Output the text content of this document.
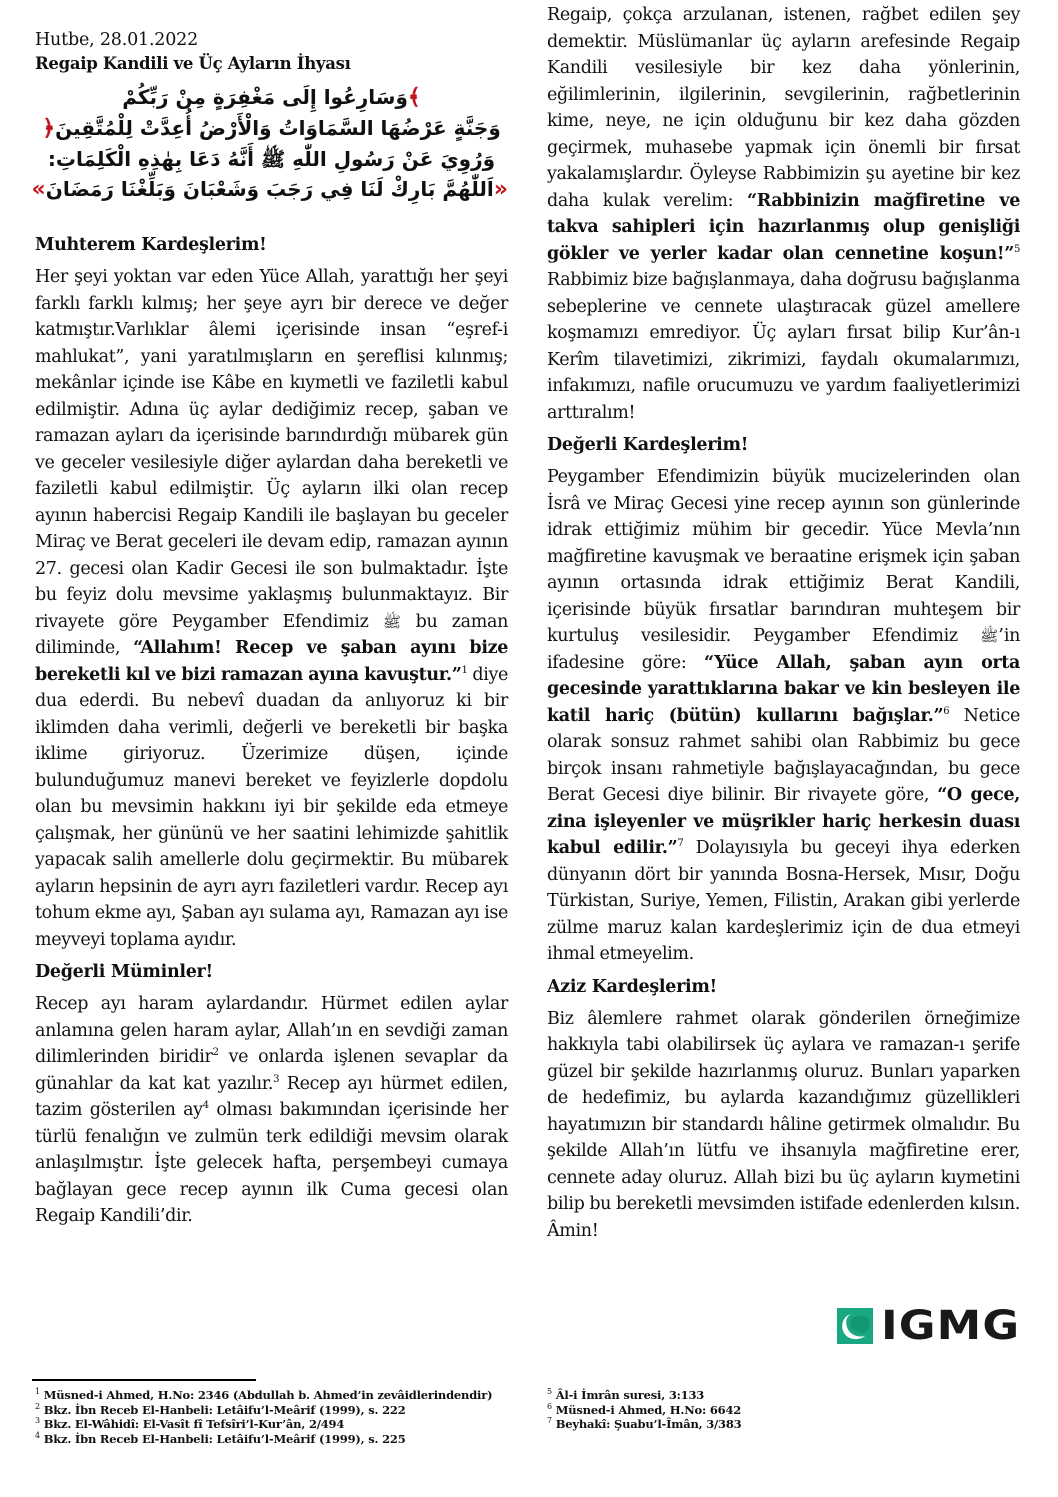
Hutbe, 28.01.2022
Regaip Kandili ve Üç Ayların İhyası
﴾وَسَارِعُوا إِلَى مَغْفِرَةٍ مِنْ رَبِّكُمْ
وَجَنَّةٍ عَرْضُهَا السَّمَاوَاتُ وَالْأَرْضُ أُعِدَّتْ لِلْمُتَّقِينَ﴿
وَرُوِيَ عَنْ رَسُولِ اللّٰهِ ﷺ أَنَّهُ دَعَا بِهٰذِهِ الْكَلِمَاتِ:
«اَللّٰهُمَّ بَارِكْ لَنَا فِي رَجَبَ وَشَعْبَانَ وَبَلِّغْنَا رَمَضَانَ»

Muhterem Kardeşlerim!

Her şeyi yoktan var eden Yüce Allah, yarattığı her şeyi farklı farklı kılmış; her şeye ayrı bir derece ve değer katmıştır.Varlıklar âlemi içerisinde insan “eşref-i mahlukat”, yani yaratılmışların en şereflisi kılınmış; mekânlar içinde ise Kâbe en kıymetli ve faziletli kabul edilmiştir. Adına üç aylar dediğimiz recep, şaban ve ramazan ayları da içerisinde barındırdığı mübarek gün ve geceler vesilesiyle diğer aylardan daha bereketli ve faziletli kabul edilmiştir. Üç ayların ilki olan recep ayının habercisi Regaip Kandili ile başlayan bu geceler Miraç ve Berat geceleri ile devam edip, ramazan ayının 27. gecesi olan Kadir Gecesi ile son bulmaktadır. İşte bu feyiz dolu mevsime yaklaşmış bulunmaktayız. Bir rivayete göre Peygamber Efendimiz ﷺ bu zaman diliminde, “Allahım! Recep ve şaban ayını bize bereketli kıl ve bizi ramazan ayına kavuştur.”$^1$ diye dua ederdi. Bu nebevî duadan da anlıyoruz ki bir iklimden daha verimli, değerli ve bereketli bir başka iklime giriyoruz. Üzerimize düşen, içinde bulunduğumuz manevi bereket ve feyizlerle dopdolu olan bu mevsimin hakkını iyi bir şekilde eda etmeye çalışmak, her gününü ve her saatini lehimizde şahitlik yapacak salih amellerle dolu geçirmektir. Bu mübarek ayların hepsinin de ayrı ayrı faziletleri vardır. Recep ayı tohum ekme ayı, Şaban ayı sulama ayı, Ramazan ayı ise meyveyi toplama ayıdır.

Değerli Müminler!

Recep ayı haram aylardandır. Hürmet edilen aylar anlamına gelen haram aylar, Allah’ın en sevdiği zaman dilimlerinden biridir$^2$ ve onlarda işlenen sevaplar da günahlar da kat kat yazılır.$^3$ Recep ayı hürmet edilen, tazim gösterilen $ay^4$ olması bakımından içerisinde her türlü fenalığın ve zulmün terk edildiği mevsim olarak anlaşılmıştır. İşte gelecek hafta, perşembeyi cumaya bağlayan gece recep ayının ilk Cuma gecesi olan Regaip Kandili’dir.

Regaip, çokça arzulanan, istenen, rağbet edilen şey demektir. Müslümanlar üç ayların arefesinde Regaip Kandili vesilesiyle bir kez daha yönlerinin, eğilimlerinin, ilgilerinin, sevgilerinin, rağbetlerinin kime, neye, ne için olduğunu bir kez daha gözden geçirmek, muhasebe yapmak için önemli bir fırsat yakalamışlardır. Öyleyse Rabbimizin şu ayetine bir kez daha kulak verelim: “Rabbinizin mağfiretine ve takva sahipleri için hazırlanmış olup genişliği gökler ve yerler kadar olan cennetine koşun!”$^5$ Rabbimiz bize bağışlanmaya, daha doğrusu bağışlanma sebeplerine ve cennete ulaştıracak güzel amellere koşmamızı emrediyor. Üç ayları fırsat bilip Kur’ân-ı Kerîm tilavetimizi, zikrimizi, faydalı okumalarımızı, infakımızı, nafile orucumuzu ve yardım faaliyetlerimizi arttıralım!

Değerli Kardeşlerim!

Peygamber Efendimizin büyük mucizelerinden olan İsrâ ve Miraç Gecesi yine recep ayının son günlerinde idrak ettiğimiz mühim bir gecedir. Yüce Mevla’nın mağfiretine kavuşmak ve beraatine erişmek için şaban ayının ortasında idrak ettiğimiz Berat Kandili, içerisinde büyük fırsatlar barındıran muhteşem bir kurtuluş vesilesidir. Peygamber Efendimiz ﷺ’in ifadesine göre: “Yüce Allah, şaban ayın orta gecesinde yarattıklarına bakar ve kin besleyen ile katil hariç (bütün) kullarını bağışlar.”$^6$ Netice olarak sonsuz rahmet sahibi olan Rabbimiz bu gece birçok insanı rahmetiyle bağışlayacağından, bu gece Berat Gecesi diye bilinir. Bir rivayete göre, “O gece, zina işleyenler ve müşrikler hariç herkesin duası kabul edilir.”$^7$ Dolayısıyla bu geceyi ihya ederken dünyanın dört bir yanında Bosna-Hersek, Mısır, Doğu Türkistan, Suriye, Yemen, Filistin, Arakan gibi yerlerde zülme maruz kalan kardeşlerimiz için de dua etmeyi ihmal etmeyelim.

Aziz Kardeşlerim!

Biz âlemlere rahmet olarak gönderilen örneğimize hakkıyla tabi olabilirsek üç aylara ve ramazan-ı şerife güzel bir şekilde hazırlanmış oluruz. Bunları yaparken de hedefimiz, bu aylarda kazandığımız güzellikleri hayatımızın bir standardı hâline getirmek olmalıdır. Bu şekilde Allah’ın lütfu ve ihsanıyla mağfiretine erer, cennete aday oluruz. Allah bizi bu üç ayların kıymetini bilip bu bereketli mevsimden istifade edenlerden kılsın. Âmin!

IGMG
$^1$ Müsned-i Ahmed, H.No: 2346 (Abdullah b. Ahmed’in zevâidlerindendir)
$^2$ Bkz. İbn Receb El-Hanbeli: Letâifu’l-Meârif (1999), s. 222
$^3$ Bkz. El-Wâhidî: El-Vasît fî Tefsîri’l-Kur’ân, 2/494
$^4$ Bkz. İbn Receb El-Hanbeli: Letâifu’l-Meârif (1999), s. 225
$^5$ Âl-i İmrân suresi, 3:133
$^6$ Müsned-i Ahmed, H.No: 6642
$^7$ Beyhakî: Şuabu’l-Îmân, 3/383
